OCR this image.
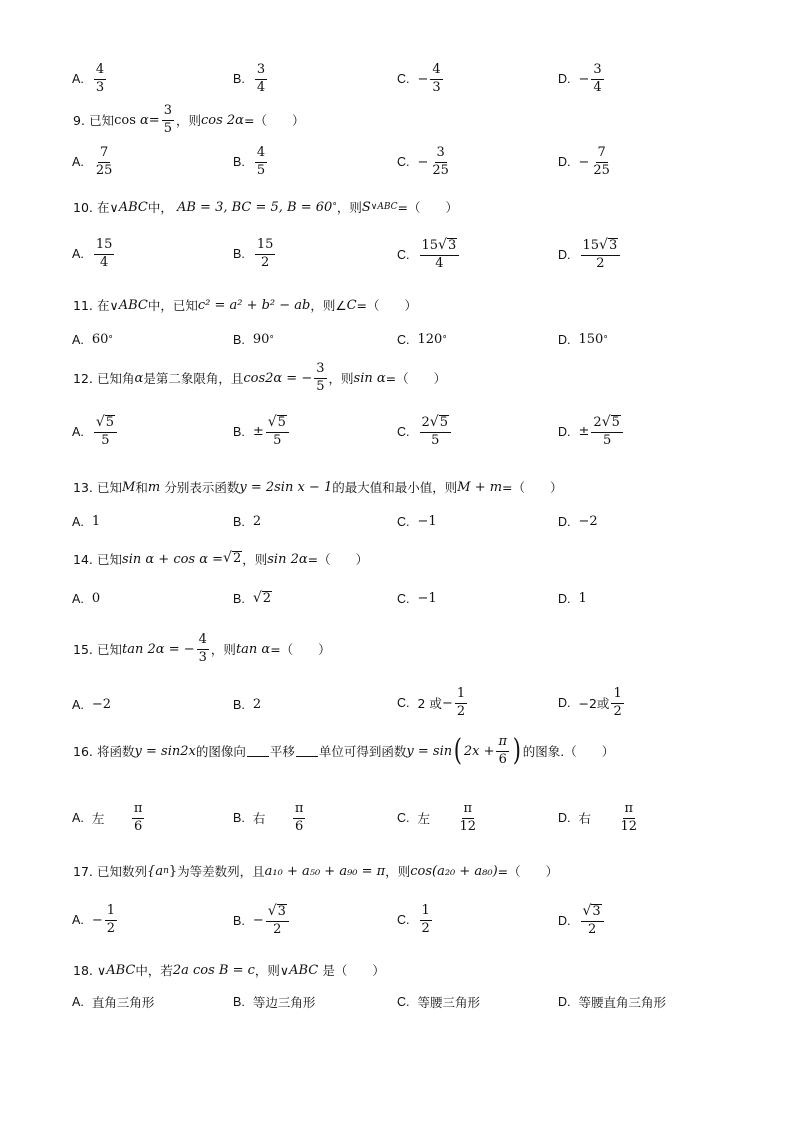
A. $\frac{4}{3}$	B. $\frac{3}{4}$	C. − $\frac{4}{3}$	D. − $\frac{3}{4}$
9.
已知 cos
$\alpha = \frac{3}{5}$ ，则 cos 2α =（　　）
A. $\frac{7}{25}$	B. $\frac{4}{5}$	C. − $\frac{3}{25}$	D. − $\frac{7}{25}$
10.
在∨ ABC 中，
AB = 3, BC = 5, B = 60 ° ，则 S ∨ABC =（　　）
A. $\frac{15}{4}$	B. $\frac{15}{2}$	C. $\frac{15 √ 3}{4}$	D. $\frac{15 √ 3}{2}$
11.
在∨ ABC 中，已知 c² = a² + b² − ab ，则∠ C =（　　）
A. 60 °	B. 90 °	C. 120 °	D. 150 °
12.
已知角 α 是第二象限角，且 cos2α = − $\frac{3}{5}$ ，则 sin α =（　　）
A. $\frac{√ 5}{5}$	B. ± $\frac{√ 5}{5}$	C. $\frac{2 √ 5}{5}$	D. ± $\frac{2 √ 5}{5}$
13.
已知 M 和 m
分别表示函数 y = 2sin x − 1 的最大值和最小值，则 M + m =（　　）
A. 1	B. 2	C. −1	D. −2
14.
已知 sin α + cos α = √ 2 ，则 sin 2α =（　　）
A. 0	B. √ 2	C. −1	D. 1
15.
已知 tan 2α = − $\frac{4}{3}$ ，则 tan α =（　　）
A. −2	B. 2	C. 2 或 − $\frac{1}{2}$	D. −2或 $\frac{1}{2}$
16.
将函数 y = sin2x 的图像向 平移 单位可得到函数 y = sin ( $2x + \frac{\pi}{6}$ ) 的图象.（　　）
A. 左	$\frac{\pi}{6}$	B. 右	$\frac{\pi}{6}$	C. 左	$\frac{\pi}{12}$	D. 右	$\frac{\pi}{12}$
17.
已知数列 {a n } 为等差数列，且 a₁₀ + a₅₀ + a₉₀ = π ，则 cos(a₂₀ + a₈₀) =（　　）
A. − $\frac{1}{2}$	B. − $\frac{√ 3}{2}$	C. $\frac{1}{2}$	D. $\frac{√ 3}{2}$
18.
∨ ABC 中，若 2a cos B = c ，则∨ ABC
是（　　）
A. 直角三角形	B. 等边三角形	C. 等腰三角形	D. 等腰直角三角形
